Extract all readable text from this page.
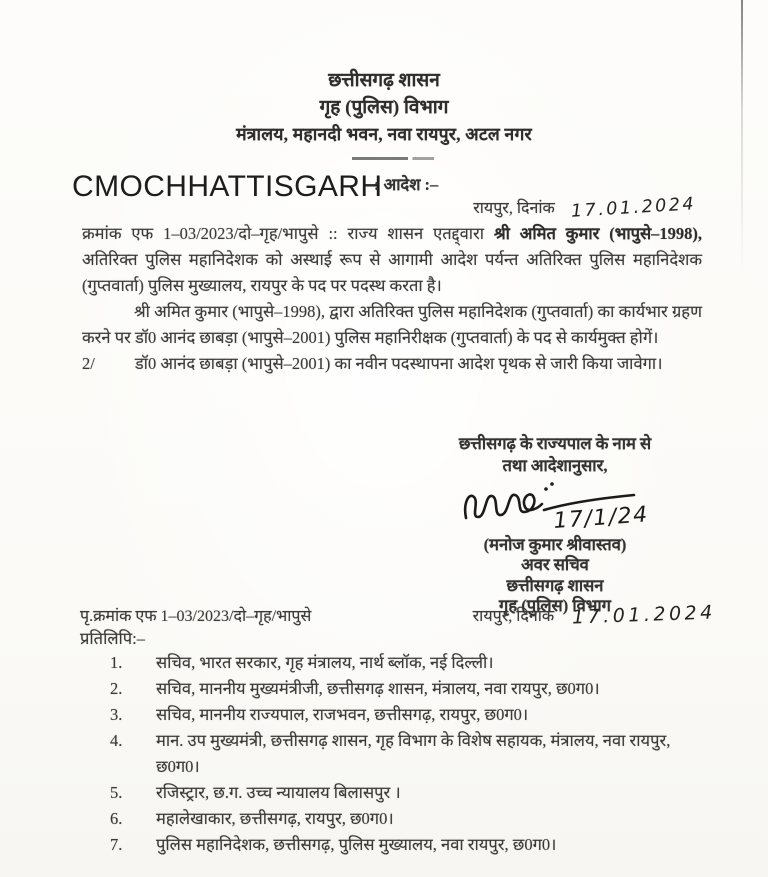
छत्तीसगढ़ शासन
गृह (पुलिस) विभाग
मंत्रालय, महानदी भवन, नवा रायपुर, अटल नगर
CMOCHHATTISGARH
–: आदेश :–
रायपुर, दिनांक 17.01.2024

क्रमांक एफ 1–03/2023/दो–गृह/भापुसे :: राज्य शासन एतद्द्वारा श्री अमित कुमार (भापुसे–1998), अतिरिक्त पुलिस महानिदेशक को अस्थाई रूप से आगामी आदेश पर्यन्त अतिरिक्त पुलिस महानिदेशक (गुप्तवार्ता) पुलिस मुख्यालय, रायपुर के पद पर पदस्थ करता है।

श्री अमित कुमार (भापुसे–1998), द्वारा अतिरिक्त पुलिस महानिदेशक (गुप्तवार्ता) का कार्यभार ग्रहण करने पर डॉ0 आनंद छाबड़ा (भापुसे–2001) पुलिस महानिरीक्षक (गुप्तवार्ता) के पद से कार्यमुक्त होगें।

2/ डॉ0 आनंद छाबड़ा (भापुसे–2001) का नवीन पदस्थापना आदेश पृथक से जारी किया जावेगा।

छत्तीसगढ़ के राज्यपाल के नाम से
तथा आदेशानुसार,
17/1/24
(मनोज कुमार श्रीवास्तव)
अवर सचिव
छत्तीसगढ़ शासन
गृह (पुलिस) विभाग
पृ.क्रमांक एफ 1–03/2023/दो–गृह/भापुसे	रायपुर, दिनांक 17.01.2024
प्रतिलिपि:–
1.	सचिव, भारत सरकार, गृह मंत्रालय, नार्थ ब्लॉक, नई दिल्ली।
2.	सचिव, माननीय मुख्यमंत्रीजी, छत्तीसगढ़ शासन, मंत्रालय, नवा रायपुर, छ0ग0।
3.	सचिव, माननीय राज्यपाल, राजभवन, छत्तीसगढ़, रायपुर, छ0ग0।
4.	मान. उप मुख्यमंत्री, छत्तीसगढ़ शासन, गृह विभाग के विशेष सहायक, मंत्रालय, नवा रायपुर, छ0ग0।
5.	रजिस्ट्रार, छ.ग. उच्च न्यायालय बिलासपुर ।
6.	महालेखाकार, छत्तीसगढ़, रायपुर, छ0ग0।
7.	पुलिस महानिदेशक, छत्तीसगढ़, पुलिस मुख्यालय, नवा रायपुर, छ0ग0।
